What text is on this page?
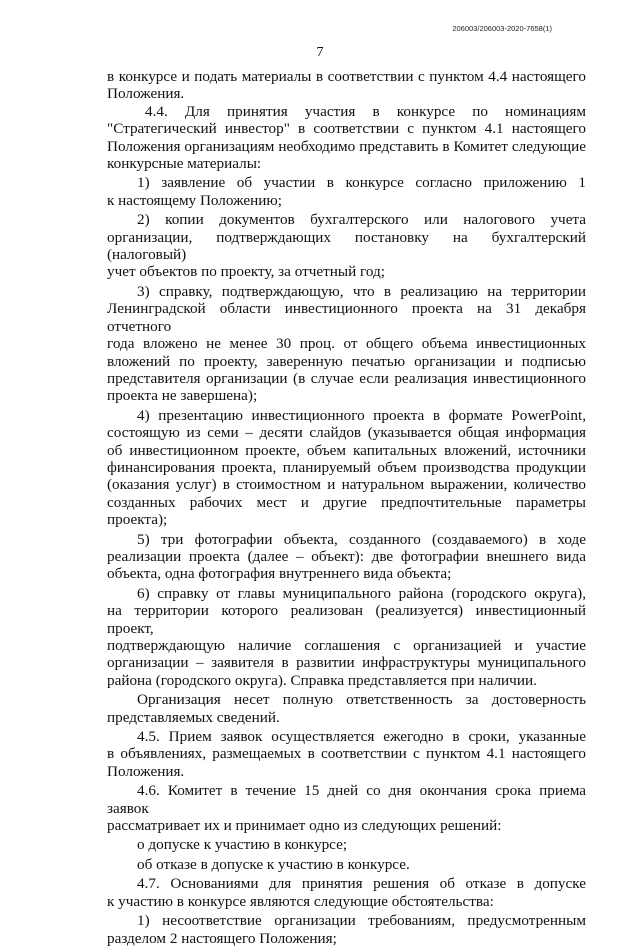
206003/206003-2020-7658(1)
7

в конкурсе и подать материалы в соответствии с пунктом 4.4 настоящего

Положения.

4.4. Для принятия участия в конкурсе по номинациям

"Стратегический инвестор" в соответствии с пунктом 4.1 настоящего

Положения организациям необходимо представить в Комитет следующие

конкурсные материалы:

1) заявление об участии в конкурсе согласно приложению 1

к настоящему Положению;

2) копии документов бухгалтерского или налогового учета

организации, подтверждающих постановку на бухгалтерский (налоговый)

учет объектов по проекту, за отчетный год;

3) справку, подтверждающую, что в реализацию на территории

Ленинградской области инвестиционного проекта на 31 декабря отчетного

года вложено не менее 30 проц. от общего объема инвестиционных

вложений по проекту, заверенную печатью организации и подписью

представителя организации (в случае если реализация инвестиционного

проекта не завершена);

4) презентацию инвестиционного проекта в формате PowerPoint,

состоящую из семи – десяти слайдов (указывается общая информация

об инвестиционном проекте, объем капитальных вложений, источники

финансирования проекта, планируемый объем производства продукции

(оказания услуг) в стоимостном и натуральном выражении, количество

созданных рабочих мест и другие предпочтительные параметры проекта);

5) три фотографии объекта, созданного (создаваемого) в ходе

реализации проекта (далее – объект): две фотографии внешнего вида

объекта, одна фотография внутреннего вида объекта;

6) справку от главы муниципального района (городского округа),

на территории которого реализован (реализуется) инвестиционный проект,

подтверждающую наличие соглашения с организацией и участие

организации – заявителя в развитии инфраструктуры муниципального

района (городского округа). Справка представляется при наличии.

Организация несет полную ответственность за достоверность

представляемых сведений.

4.5. Прием заявок осуществляется ежегодно в сроки, указанные

в объявлениях, размещаемых в соответствии с пунктом 4.1 настоящего

Положения.

4.6. Комитет в течение 15 дней со дня окончания срока приема заявок

рассматривает их и принимает одно из следующих решений:

о допуске к участию в конкурсе;

об отказе в допуске к участию в конкурсе.

4.7. Основаниями для принятия решения об отказе в допуске

к участию в конкурсе являются следующие обстоятельства:

1) несоответствие организации требованиям, предусмотренным

разделом 2 настоящего Положения;
